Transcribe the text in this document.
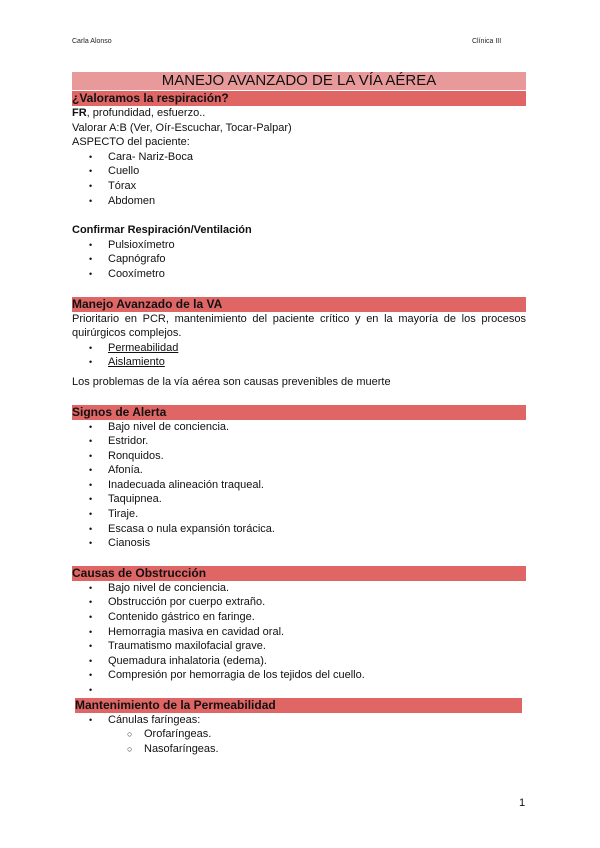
Carla Alonso	Clínica III
MANEJO AVANZADO DE LA VÍA AÉREA
¿Valoramos la respiración?
FR, profundidad, esfuerzo..
Valorar A:B (Ver, Oír-Escuchar, Tocar-Palpar)
ASPECTO del paciente:
• Cara- Nariz-Boca
• Cuello
• Tórax
• Abdomen
Confirmar Respiración/Ventilación
• Pulsioxímetro
• Capnógrafo
• Cooxímetro
Manejo Avanzado de la VA
Prioritario en PCR, mantenimiento del paciente crítico y en la mayoría de los procesos quirúrgicos complejos.
• Permeabilidad
• Aislamiento
Los problemas de la vía aérea son causas prevenibles de muerte
Signos de Alerta
• Bajo nivel de conciencia.
• Estridor.
• Ronquidos.
• Afonía.
• Inadecuada alineación traqueal.
• Taquipnea.
• Tiraje.
• Escasa o nula expansión torácica.
• Cianosis
Causas de Obstrucción
• Bajo nivel de conciencia.
• Obstrucción por cuerpo extraño.
• Contenido gástrico en faringe.
• Hemorragia masiva en cavidad oral.
• Traumatismo maxilofacial grave.
• Quemadura inhalatoria (edema).
• Compresión por hemorragia de los tejidos del cuello.
•
Mantenimiento de la Permeabilidad
• Cánulas faríngeas:
○ Orofaríngeas.
○ Nasofaríngeas.
1
